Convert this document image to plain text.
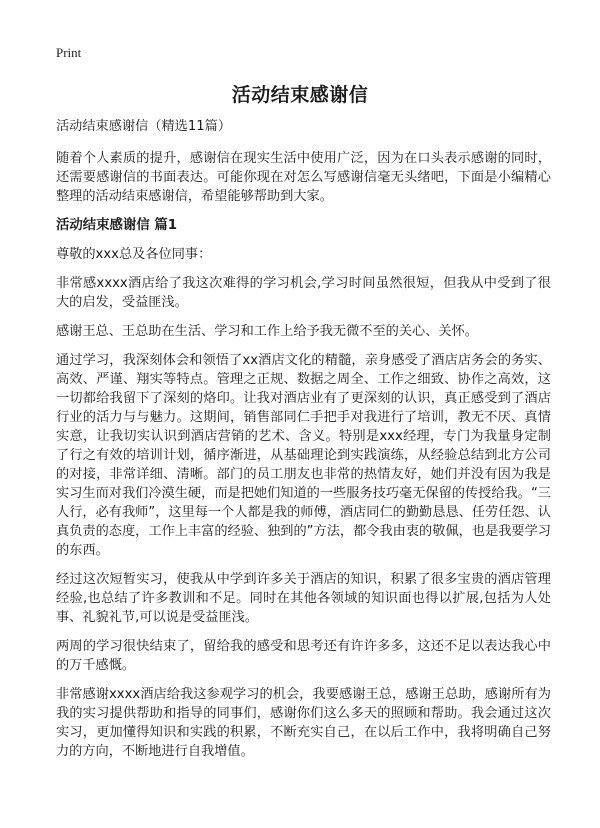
Print
活动结束感谢信

活动结束感谢信（精选11篇）

随着个人素质的提升，感谢信在现实生活中使用广泛，因为在口头表示感谢的同时，还需要感谢信的书面表达。可能你现在对怎么写感谢信毫无头绪吧，下面是小编精心整理的活动结束感谢信，希望能够帮助到大家。

活动结束感谢信 篇1

尊敬的xxx总及各位同事：

非常感xxxx酒店给了我这次难得的学习机会,学习时间虽然很短，但我从中受到了很大的启发，受益匪浅。

感谢王总、王总助在生活、学习和工作上给予我无微不至的关心、关怀。

通过学习，我深刻体会和领悟了xx酒店文化的精髓，亲身感受了酒店店务会的务实、高效、严谨、翔实等特点。管理之正规、数据之周全、工作之细致、协作之高效，这一切都给我留下了深刻的烙印。让我对酒店业有了更深刻的认识，真正感受到了酒店行业的活力与与魅力。这期间，销售部同仁手把手对我进行了培训，教无不厌、真情实意，让我切实认识到酒店营销的艺术、含义。特别是xxx经理，专门为我量身定制了行之有效的培训计划，循序渐进，从基础理论到实践演练，从经验总结到北方公司的对接，非常详细、清晰。部门的员工朋友也非常的热情友好，她们并没有因为我是实习生而对我们冷漠生硬，而是把她们知道的一些服务技巧毫无保留的传授给我。“三人行，必有我师”，这里每一个人都是我的师傅，酒店同仁的勤勤恳恳、任劳任怨、认真负责的态度，工作上丰富的经验、独到的”方法，都令我由衷的敬佩，也是我要学习的东西。

经过这次短暂实习，使我从中学到许多关于酒店的知识，积累了很多宝贵的酒店管理经验,也总结了许多教训和不足。同时在其他各领域的知识面也得以扩展,包括为人处事、礼貌礼节,可以说是受益匪浅。

两周的学习很快结束了，留给我的感受和思考还有许许多多，这还不足以表达我心中的万千感慨。

非常感谢xxxx酒店给我这参观学习的机会，我要感谢王总，感谢王总助，感谢所有为我的实习提供帮助和指导的同事们，感谢你们这么多天的照顾和帮助。我会通过这次实习，更加懂得知识和实践的积累，不断充实自己，在以后工作中，我将明确自己努力的方向，不断地进行自我增值。
